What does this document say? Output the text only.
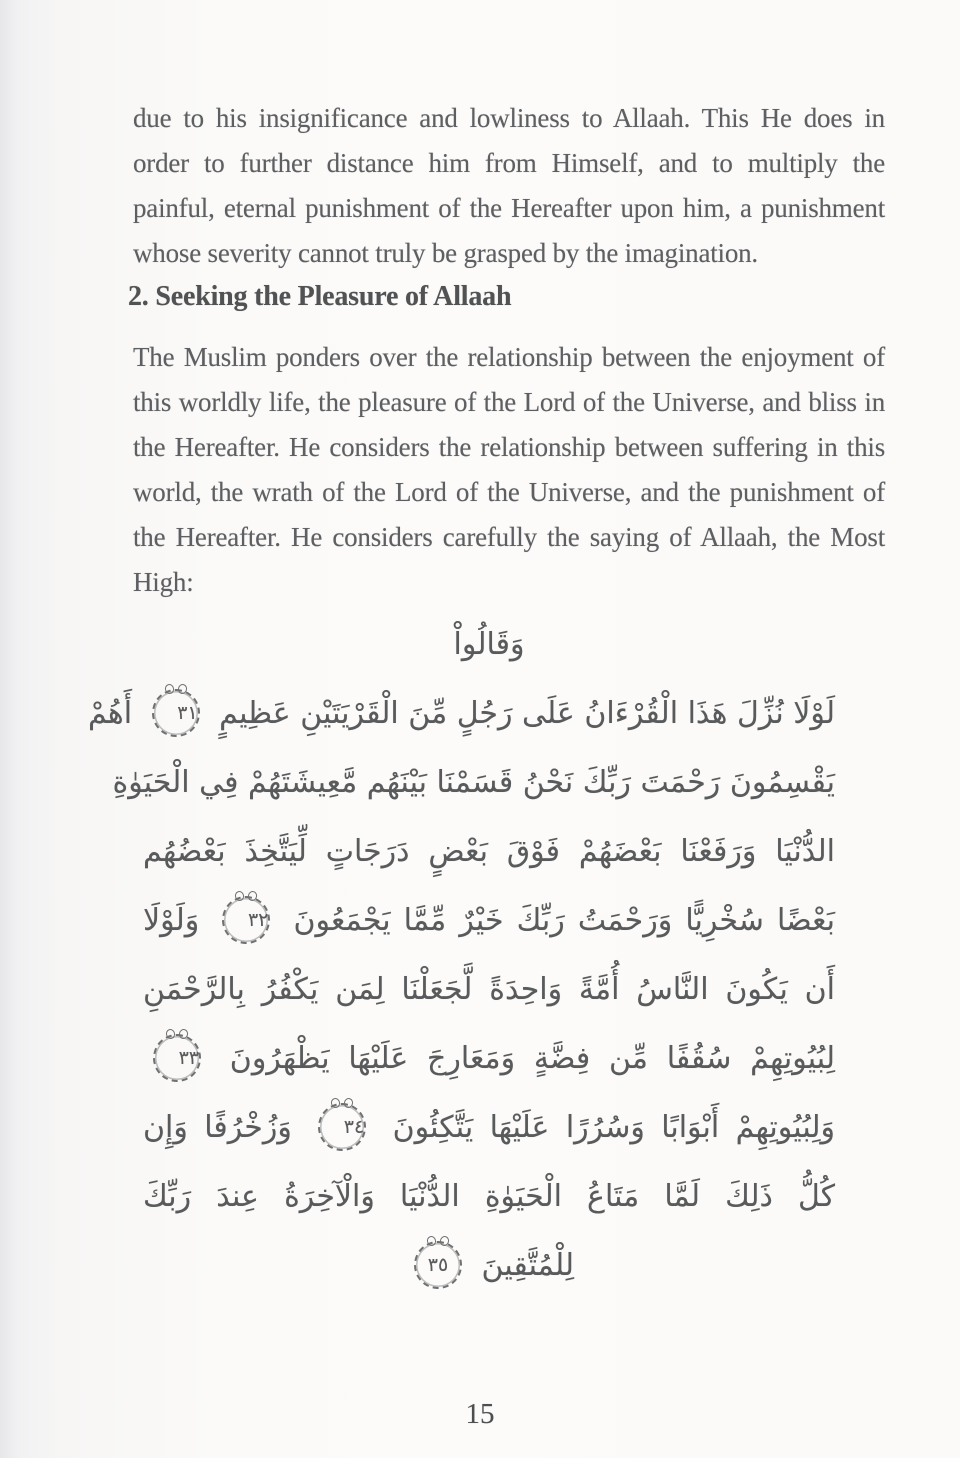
due to his insignificance and lowliness to Allaah. This He does in order to further distance him from Himself, and to multiply the painful, eternal punishment of the Hereafter upon him, a punishment whose severity cannot truly be grasped by the imagination.

2. Seeking the Pleasure of Allaah

The Muslim ponders over the relationship between the enjoyment of this worldly life, the pleasure of the Lord of the Universe, and bliss in the Hereafter. He considers the relationship between suffering in this world, the wrath of the Lord of the Universe, and the punishment of the Hereafter. He considers carefully the saying of Allaah, the Most High:

وَقَالُواْ
لَوْلَا نُزِّلَ هَذَا الْقُرْءَانُ عَلَى رَجُلٍ مِّنَ الْقَرْيَتَيْنِ عَظِيمٍ ٣١ أَهُمْ
يَقْسِمُونَ رَحْمَتَ رَبِّكَ نَحْنُ قَسَمْنَا بَيْنَهُم مَّعِيشَتَهُمْ فِي الْحَيَوٰةِ
الدُّنْيَا وَرَفَعْنَا بَعْضَهُمْ فَوْقَ بَعْضٍ دَرَجَاتٍ لِّيَتَّخِذَ بَعْضُهُم
بَعْضًا سُخْرِيًّا وَرَحْمَتُ رَبِّكَ خَيْرٌ مِّمَّا يَجْمَعُونَ ٣٢ وَلَوْلَا
أَن يَكُونَ النَّاسُ أُمَّةً وَاحِدَةً لَّجَعَلْنَا لِمَن يَكْفُرُ بِالرَّحْمَنِ
لِبُيُوتِهِمْ سُقُفًا مِّن فِضَّةٍ وَمَعَارِجَ عَلَيْهَا يَظْهَرُونَ ٣٣
وَلِبُيُوتِهِمْ أَبْوَابًا وَسُرُرًا عَلَيْهَا يَتَّكِئُونَ ٣٤ وَزُخْرُفًا وَإِن
كُلُّ ذَلِكَ لَمَّا مَتَاعُ الْحَيَوٰةِ الدُّنْيَا وَالْآخِرَةُ عِندَ رَبِّكَ
لِلْمُتَّقِينَ ٣٥
15
